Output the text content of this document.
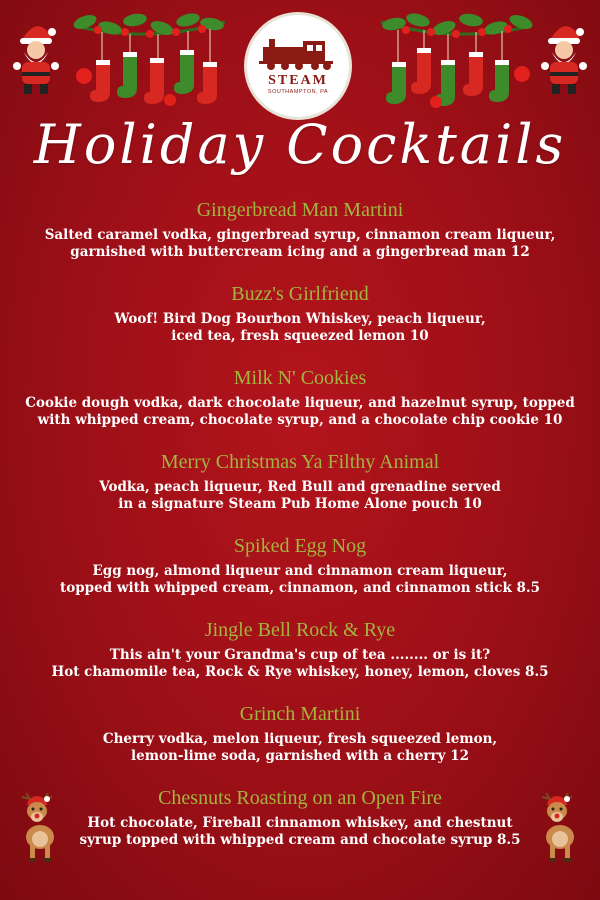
STEAM
SOUTHAMPTON, PA
Holiday Cocktails
Gingerbread Man Martini
Salted caramel vodka, gingerbread syrup, cinnamon cream liqueur,
garnished with buttercream icing and a gingerbread man 12
Buzz's Girlfriend
Woof! Bird Dog Bourbon Whiskey, peach liqueur,
iced tea, fresh squeezed lemon 10
Milk N' Cookies
Cookie dough vodka, dark chocolate liqueur, and hazelnut syrup, topped
with whipped cream, chocolate syrup, and a chocolate chip cookie 10
Merry Christmas Ya Filthy Animal
Vodka, peach liqueur, Red Bull and grenadine served
in a signature Steam Pub Home Alone pouch 10
Spiked Egg Nog
Egg nog, almond liqueur and cinnamon cream liqueur,
topped with whipped cream, cinnamon, and cinnamon stick 8.5
Jingle Bell Rock & Rye
This ain't your Grandma's cup of tea ........ or is it?
Hot chamomile tea, Rock & Rye whiskey, honey, lemon, cloves 8.5
Grinch Martini
Cherry vodka, melon liqueur, fresh squeezed lemon,
lemon-lime soda, garnished with a cherry 12
Chesnuts Roasting on an Open Fire
Hot chocolate, Fireball cinnamon whiskey, and chestnut
syrup topped with whipped cream and chocolate syrup 8.5
